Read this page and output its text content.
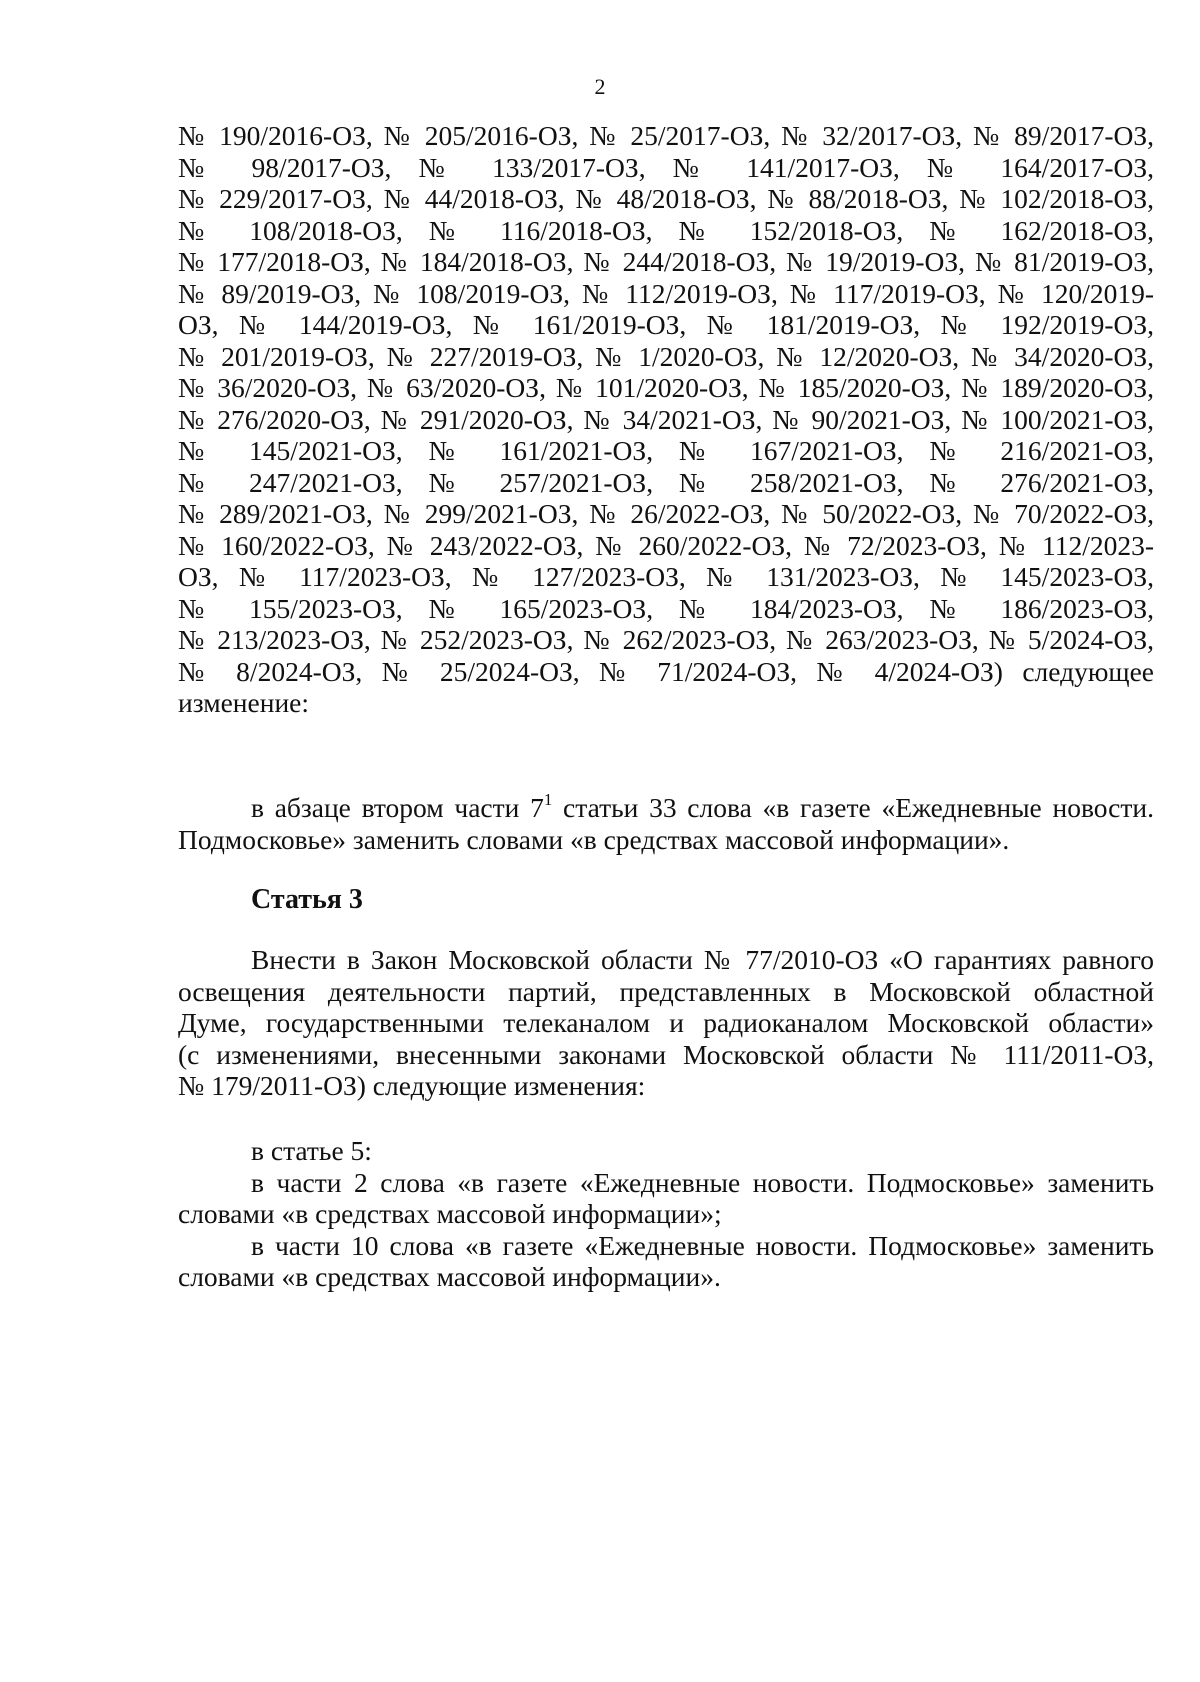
2
№ 190/2016-ОЗ, № 205/2016-ОЗ, № 25/2017-ОЗ, № 32/2017-ОЗ, № 89/2017-ОЗ,
№ 98/2017-ОЗ, № 133/2017-ОЗ, № 141/2017-ОЗ, № 164/2017-ОЗ,
№ 229/2017-ОЗ, № 44/2018-ОЗ, № 48/2018-ОЗ, № 88/2018-ОЗ, № 102/2018-ОЗ,
№ 108/2018-ОЗ, № 116/2018-ОЗ, № 152/2018-ОЗ, № 162/2018-ОЗ,
№ 177/2018-ОЗ, № 184/2018-ОЗ, № 244/2018-ОЗ, № 19/2019-ОЗ, № 81/2019-ОЗ,
№ 89/2019-ОЗ, № 108/2019-ОЗ, № 112/2019-ОЗ, № 117/2019-ОЗ, № 120/2019-
ОЗ, № 144/2019-ОЗ, № 161/2019-ОЗ, № 181/2019-ОЗ, № 192/2019-ОЗ,
№ 201/2019-ОЗ, № 227/2019-ОЗ, № 1/2020-ОЗ, № 12/2020-ОЗ, № 34/2020-ОЗ,
№ 36/2020-ОЗ, № 63/2020-ОЗ, № 101/2020-ОЗ, № 185/2020-ОЗ, № 189/2020-ОЗ,
№ 276/2020-ОЗ, № 291/2020-ОЗ, № 34/2021-ОЗ, № 90/2021-ОЗ, № 100/2021-ОЗ,
№ 145/2021-ОЗ, № 161/2021-ОЗ, № 167/2021-ОЗ, № 216/2021-ОЗ,
№ 247/2021-ОЗ, № 257/2021-ОЗ, № 258/2021-ОЗ, № 276/2021-ОЗ,
№ 289/2021-ОЗ, № 299/2021-ОЗ, № 26/2022-ОЗ, № 50/2022-ОЗ, № 70/2022-ОЗ,
№ 160/2022-ОЗ, № 243/2022-ОЗ, № 260/2022-ОЗ, № 72/2023-ОЗ, № 112/2023-
ОЗ, № 117/2023-ОЗ, № 127/2023-ОЗ, № 131/2023-ОЗ, № 145/2023-ОЗ,
№ 155/2023-ОЗ, № 165/2023-ОЗ, № 184/2023-ОЗ, № 186/2023-ОЗ,
№ 213/2023-ОЗ, № 252/2023-ОЗ, № 262/2023-ОЗ, № 263/2023-ОЗ, № 5/2024-ОЗ,
№ 8/2024-ОЗ, № 25/2024-ОЗ, № 71/2024-ОЗ, № 4/2024-ОЗ) следующее
изменение:
в абзаце втором части $7^1$ статьи 33 слова «в газете «Ежедневные новости.
Подмосковье» заменить словами «в средствах массовой информации».
Статья 3
Внести в Закон Московской области № 77/2010-ОЗ «О гарантиях равного
освещения деятельности партий, представленных в Московской областной
Думе, государственными телеканалом и радиоканалом Московской области»
(с изменениями, внесенными законами Московской области № 111/2011-ОЗ,
№ 179/2011-ОЗ) следующие изменения:
в статье 5:
в части 2 слова «в газете «Ежедневные новости. Подмосковье» заменить
словами «в средствах массовой информации»;
в части 10 слова «в газете «Ежедневные новости. Подмосковье» заменить
словами «в средствах массовой информации».
